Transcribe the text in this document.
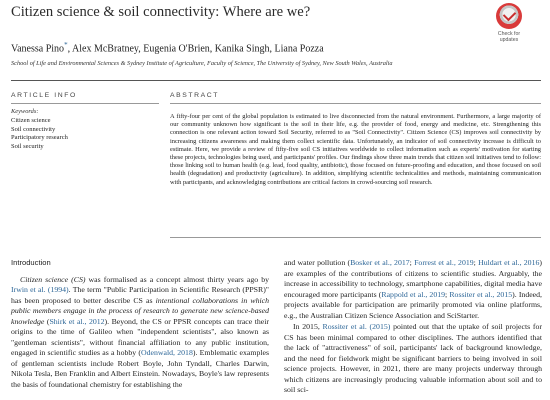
Citizen science & soil connectivity: Where are we?
Check for
updates
Vanessa Pino*, Alex McBratney, Eugenia O'Brien, Kanika Singh, Liana Pozza
School of Life and Environmental Sciences & Sydney Institute of Agriculture, Faculty of Science, The University of Sydney, New South Wales, Australia
ARTICLE INFO	ABSTRACT
Keywords:
Citizen science
Soil connectivity
Participatory research
Soil security
A fifty-four per cent of the global population is estimated to live disconnected from the natural environment. Furthermore, a large majority of our community unknown how significant is the soil in their life, e.g. the provider of food, energy and medicine, etc. Strengthening this connection is one relevant action toward Soil Security, referred to as "Soil Connectivity". Citizen Science (CS) improves soil connectivity by increasing citizens awareness and making them collect scientific data. Unfortunately, an indicator of soil connectivity increase is difficult to estimate. Here, we provide a review of fifty-five soil CS initiatives worldwide to collect information such as experts' motivation for starting these projects, technologies being used, and participants' profiles. Our findings show three main trends that citizen soil initiatives tend to follow: those linking soil to human health (e.g. lead, food quality, antibiotic), those focused on future-proofing and education, and those focused on soil health (degradation) and productivity (agriculture). In addition, simplifying scientific technicalities and methods, maintaining communication with participants, and acknowledging contributions are critical factors in crowd-sourcing soil research.
Introduction

Citizen science (CS) was formalised as a concept almost thirty years ago by Irwin et al. (1994). The term "Public Participation in Scientific Research (PPSR)" has been proposed to better describe CS as intentional collaborations in which public members engage in the process of research to generate new science-based knowledge (Shirk et al., 2012). Beyond, the CS or PPSR concepts can trace their origins to the time of Galileo when "independent scientists", also known as "gentleman scientists", without financial affiliation to any public institution, engaged in scientific studies as a hobby (Odenwald, 2018). Emblematic examples of gentleman scientists include Robert Boyle, John Tyndall, Charles Darwin, Nikola Tesla, Ben Franklin and Albert Einstein. Nowadays, Boyle's law represents the basis of foundational chemistry for establishing the

and water pollution (Bosker et al., 2017; Forrest et al., 2019; Huldart et al., 2016) are examples of the contributions of citizens to scientific studies. Arguably, the increase in accessibility to technology, smartphone capabilities, digital media have encouraged more participants (Rappold et al., 2019; Rossiter et al., 2015). Indeed, projects available for participation are primarily promoted via online platforms, e.g., the Australian Citizen Science Association and SciStarter.

In 2015, Rossiter et al. (2015) pointed out that the uptake of soil projects for CS has been minimal compared to other disciplines. The authors identified that the lack of "attractiveness" of soil, participants' lack of background knowledge, and the need for fieldwork might be significant barriers to being involved in soil science projects. However, in 2021, there are many projects underway through which citizens are increasingly producing valuable information about soil and to soil sci-
